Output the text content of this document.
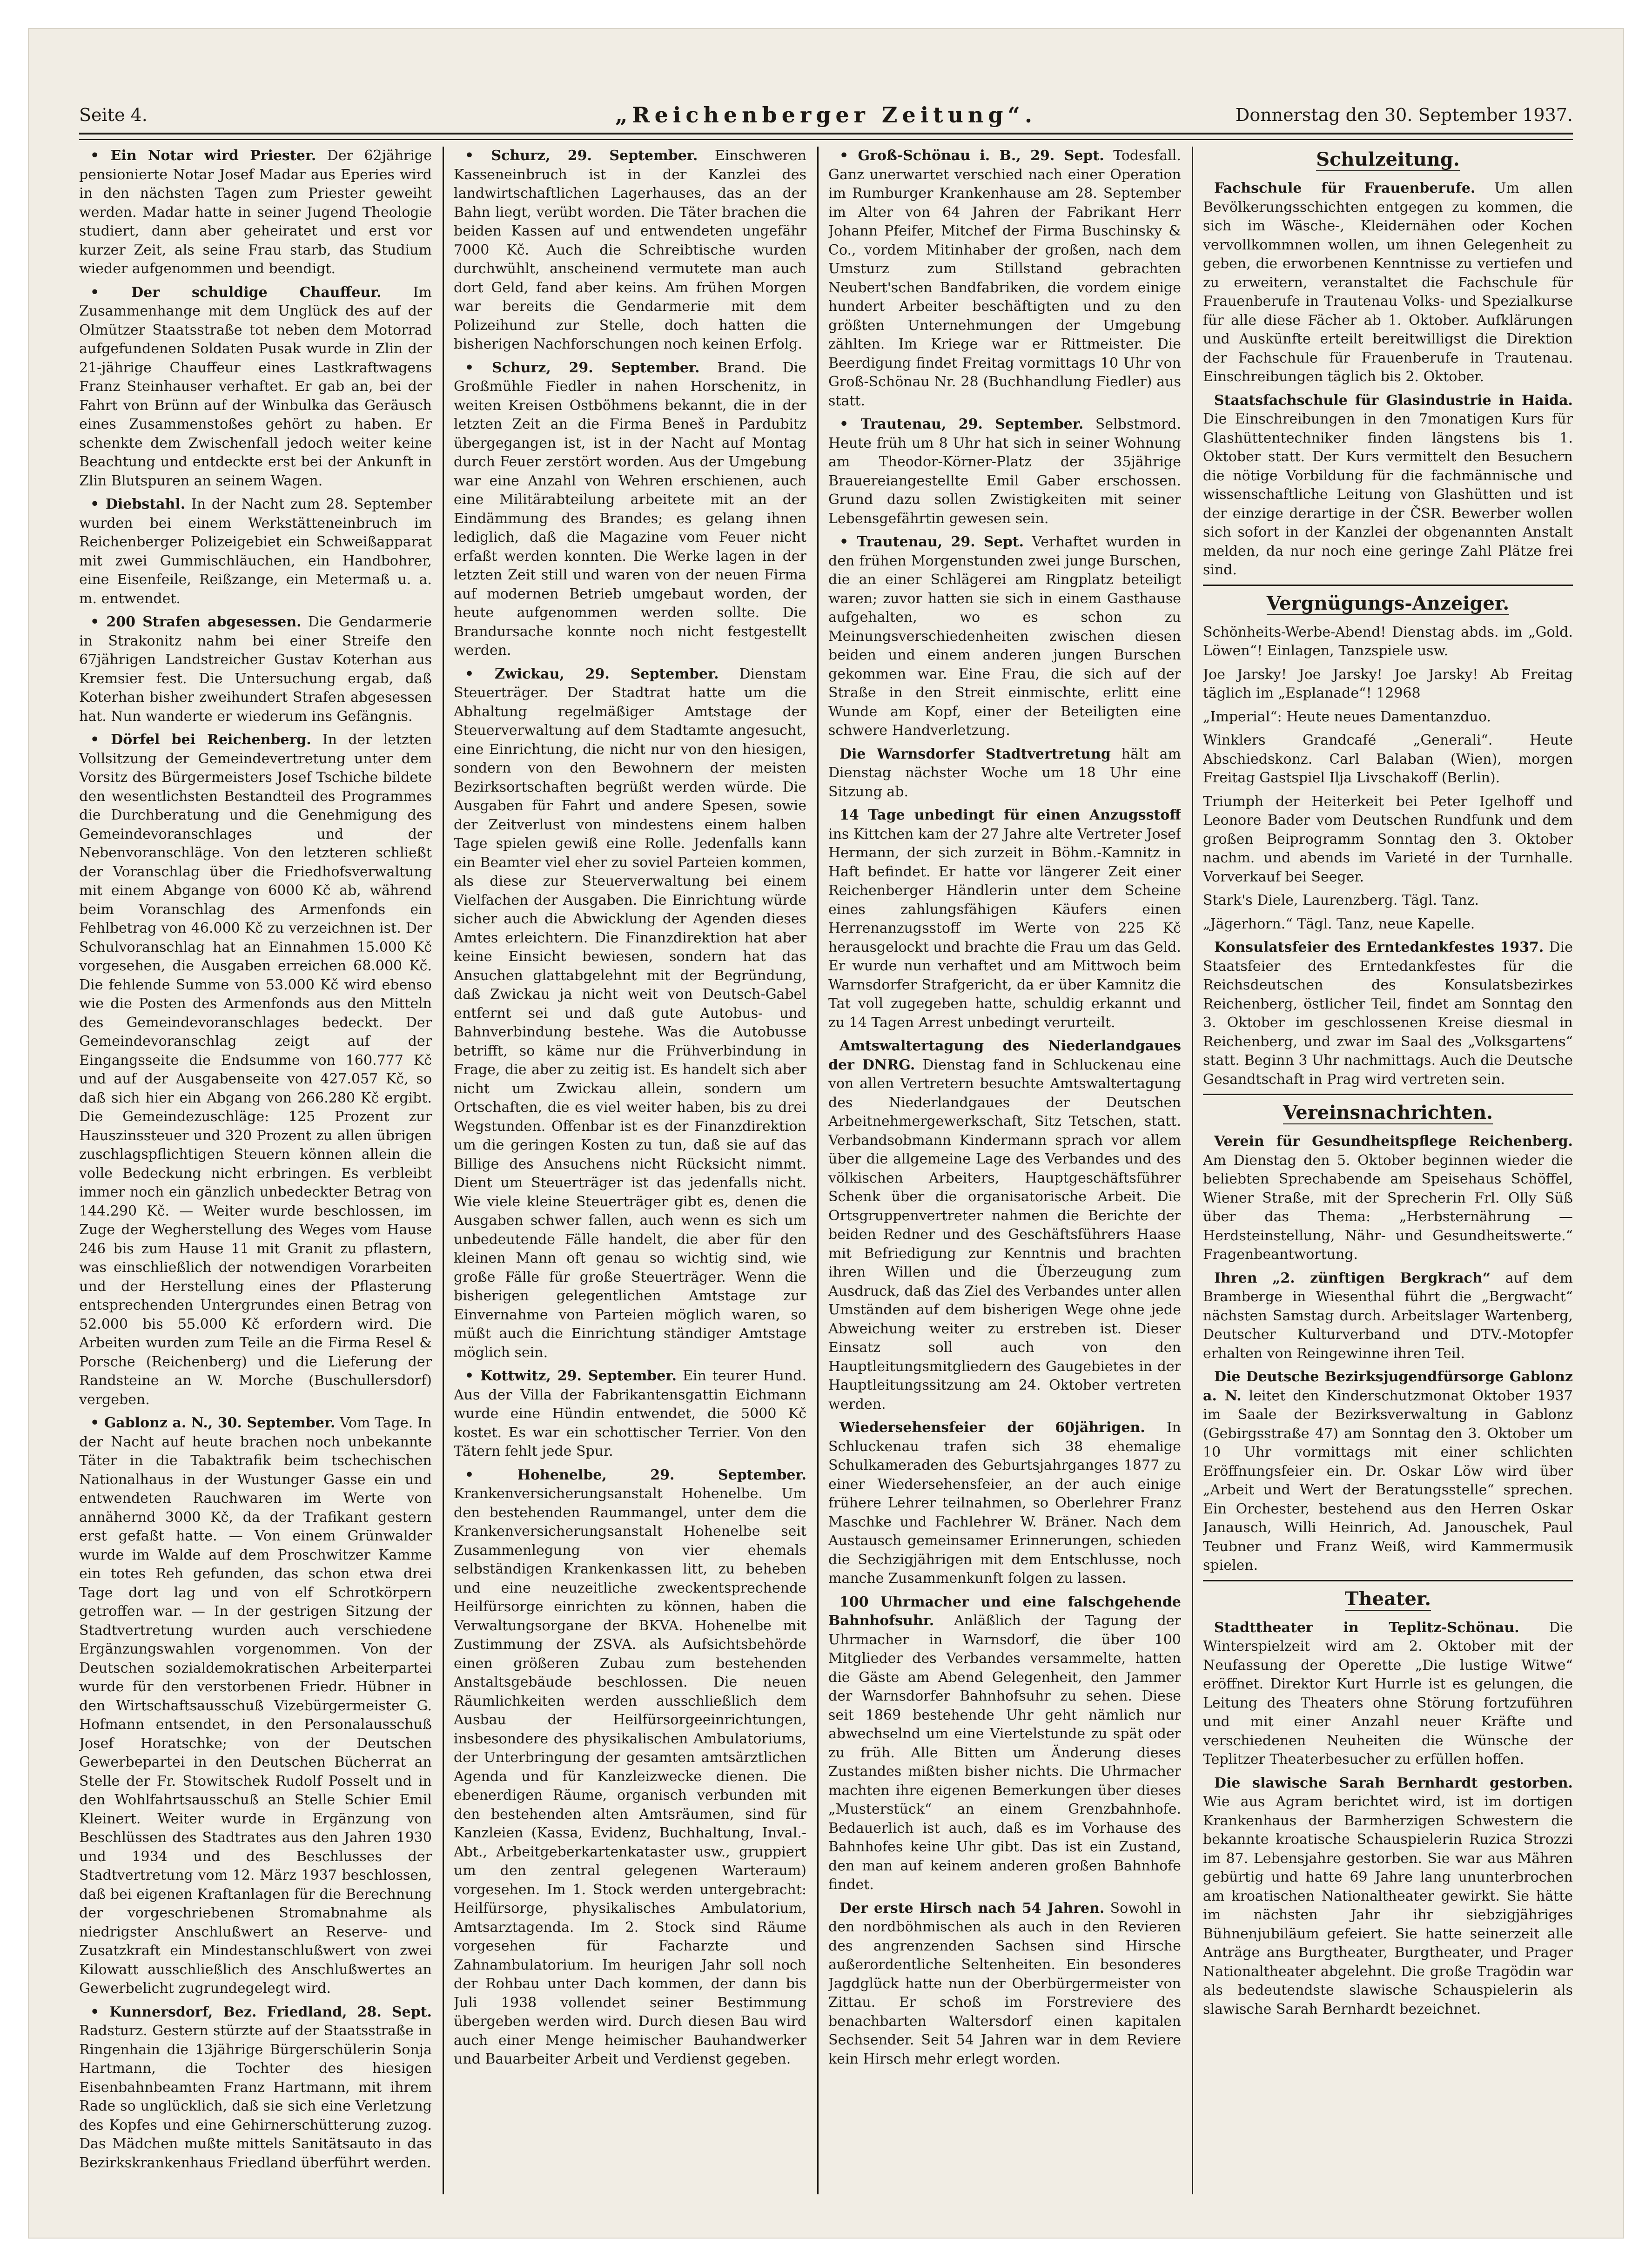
Seite 4.	„Reichenberger Zeitung“.	Donnerstag den 30. September 1937.

• Ein Notar wird Priester. Der 62jährige pensionierte Notar Josef Madar aus Eperies wird in den nächsten Tagen zum Priester geweiht werden. Madar hatte in seiner Jugend Theologie studiert, dann aber geheiratet und erst vor kurzer Zeit, als seine Frau starb, das Studium wieder aufgenommen und beendigt.

• Der schuldige Chauffeur. Im Zusammenhange mit dem Unglück des auf der Olmützer Staatsstraße tot neben dem Motorrad aufgefundenen Soldaten Pusak wurde in Zlin der 21-jährige Chauffeur eines Lastkraftwagens Franz Steinhauser verhaftet. Er gab an, bei der Fahrt von Brünn auf der Winbulka das Geräusch eines Zusammenstoßes gehört zu haben. Er schenkte dem Zwischenfall jedoch weiter keine Beachtung und entdeckte erst bei der Ankunft in Zlin Blutspuren an seinem Wagen.

• Diebstahl. In der Nacht zum 28. September wurden bei einem Werkstätteneinbruch im Reichenberger Polizeigebiet ein Schweißapparat mit zwei Gummischläuchen, ein Handbohrer, eine Eisenfeile, Reißzange, ein Metermaß u. a. m. entwendet.

• 200 Strafen abgesessen. Die Gendarmerie in Strakonitz nahm bei einer Streife den 67jährigen Landstreicher Gustav Koterhan aus Kremsier fest. Die Untersuchung ergab, daß Koterhan bisher zweihundert Strafen abgesessen hat. Nun wanderte er wiederum ins Gefängnis.

• Dörfel bei Reichenberg. In der letzten Vollsitzung der Gemeindevertretung unter dem Vorsitz des Bürgermeisters Josef Tschiche bildete den wesentlichsten Bestandteil des Programmes die Durchberatung und die Genehmigung des Gemeindevoranschlages und der Nebenvoranschläge. Von den letzteren schließt der Voranschlag über die Friedhofsverwaltung mit einem Abgange von 6000 Kč ab, während beim Voranschlag des Armenfonds ein Fehlbetrag von 46.000 Kč zu verzeichnen ist. Der Schulvoranschlag hat an Einnahmen 15.000 Kč vorgesehen, die Ausgaben erreichen 68.000 Kč. Die fehlende Summe von 53.000 Kč wird ebenso wie die Posten des Armenfonds aus den Mitteln des Gemeindevoranschlages bedeckt. Der Gemeindevoranschlag zeigt auf der Eingangsseite die Endsumme von 160.777 Kč und auf der Ausgabenseite von 427.057 Kč, so daß sich hier ein Abgang von 266.280 Kč ergibt. Die Gemeindezuschläge: 125 Prozent zur Hauszinssteuer und 320 Prozent zu allen übrigen zuschlagspflichtigen Steuern können allein die volle Bedeckung nicht erbringen. Es verbleibt immer noch ein gänzlich unbedeckter Betrag von 144.290 Kč. — Weiter wurde beschlossen, im Zuge der Wegherstellung des Weges vom Hause 246 bis zum Hause 11 mit Granit zu pflastern, was einschließlich der notwendigen Vorarbeiten und der Herstellung eines der Pflasterung entsprechenden Untergrundes einen Betrag von 52.000 bis 55.000 Kč erfordern wird. Die Arbeiten wurden zum Teile an die Firma Resel & Porsche (Reichenberg) und die Lieferung der Randsteine an W. Morche (Buschullersdorf) vergeben.

• Gablonz a. N., 30. September. Vom Tage. In der Nacht auf heute brachen noch unbekannte Täter in die Tabaktrafik beim tschechischen Nationalhaus in der Wustunger Gasse ein und entwendeten Rauchwaren im Werte von annähernd 3000 Kč, da der Trafikant gestern erst gefaßt hatte. — Von einem Grünwalder wurde im Walde auf dem Proschwitzer Kamme ein totes Reh gefunden, das schon etwa drei Tage dort lag und von elf Schrotkörpern getroffen war. — In der gestrigen Sitzung der Stadtvertretung wurden auch verschiedene Ergänzungswahlen vorgenommen. Von der Deutschen sozialdemokratischen Arbeiterpartei wurde für den verstorbenen Friedr. Hübner in den Wirtschaftsausschuß Vizebürgermeister G. Hofmann entsendet, in den Personalausschuß Josef Horatschke; von der Deutschen Gewerbepartei in den Deutschen Bücherrat an Stelle der Fr. Stowitschek Rudolf Posselt und in den Wohlfahrtsausschuß an Stelle Schier Emil Kleinert. Weiter wurde in Ergänzung von Beschlüssen des Stadtrates aus den Jahren 1930 und 1934 und des Beschlusses der Stadtvertretung vom 12. März 1937 beschlossen, daß bei eigenen Kraftanlagen für die Berechnung der vorgeschriebenen Stromabnahme als niedrigster Anschlußwert an Reserve- und Zusatzkraft ein Mindestanschlußwert von zwei Kilowatt ausschließlich des Anschlußwertes an Gewerbelicht zugrundegelegt wird.

• Kunnersdorf, Bez. Friedland, 28. Sept. Radsturz. Gestern stürzte auf der Staatsstraße in Ringenhain die 13jährige Bürgerschülerin Sonja Hartmann, die Tochter des hiesigen Eisenbahnbeamten Franz Hartmann, mit ihrem Rade so unglücklich, daß sie sich eine Verletzung des Kopfes und eine Gehirnerschütterung zuzog. Das Mädchen mußte mittels Sanitätsauto in das Bezirkskrankenhaus Friedland überführt werden.

• Schurz, 29. September. Einschweren Kasseneinbruch ist in der Kanzlei des landwirtschaftlichen Lagerhauses, das an der Bahn liegt, verübt worden. Die Täter brachen die beiden Kassen auf und entwendeten ungefähr 7000 Kč. Auch die Schreibtische wurden durchwühlt, anscheinend vermutete man auch dort Geld, fand aber keins. Am frühen Morgen war bereits die Gendarmerie mit dem Polizeihund zur Stelle, doch hatten die bisherigen Nachforschungen noch keinen Erfolg.

• Schurz, 29. September. Brand. Die Großmühle Fiedler in nahen Horschenitz, in weiten Kreisen Ostböhmens bekannt, die in der letzten Zeit an die Firma Beneš in Pardubitz übergegangen ist, ist in der Nacht auf Montag durch Feuer zerstört worden. Aus der Umgebung war eine Anzahl von Wehren erschienen, auch eine Militärabteilung arbeitete mit an der Eindämmung des Brandes; es gelang ihnen lediglich, daß die Magazine vom Feuer nicht erfaßt werden konnten. Die Werke lagen in der letzten Zeit still und waren von der neuen Firma auf modernen Betrieb umgebaut worden, der heute aufgenommen werden sollte. Die Brandursache konnte noch nicht festgestellt werden.

• Zwickau, 29. September. Dienstam Steuerträger. Der Stadtrat hatte um die Abhaltung regelmäßiger Amtstage der Steuerverwaltung auf dem Stadtamte angesucht, eine Einrichtung, die nicht nur von den hiesigen, sondern von den Bewohnern der meisten Bezirksortschaften begrüßt werden würde. Die Ausgaben für Fahrt und andere Spesen, sowie der Zeitverlust von mindestens einem halben Tage spielen gewiß eine Rolle. Jedenfalls kann ein Beamter viel eher zu soviel Parteien kommen, als diese zur Steuerverwaltung bei einem Vielfachen der Ausgaben. Die Einrichtung würde sicher auch die Abwicklung der Agenden dieses Amtes erleichtern. Die Finanzdirektion hat aber keine Einsicht bewiesen, sondern hat das Ansuchen glattabgelehnt mit der Begründung, daß Zwickau ja nicht weit von Deutsch-Gabel entfernt sei und daß gute Autobus- und Bahnverbindung bestehe. Was die Autobusse betrifft, so käme nur die Frühverbindung in Frage, die aber zu zeitig ist. Es handelt sich aber nicht um Zwickau allein, sondern um Ortschaften, die es viel weiter haben, bis zu drei Wegstunden. Offenbar ist es der Finanzdirektion um die geringen Kosten zu tun, daß sie auf das Billige des Ansuchens nicht Rücksicht nimmt. Dient um Steuerträger ist das jedenfalls nicht. Wie viele kleine Steuerträger gibt es, denen die Ausgaben schwer fallen, auch wenn es sich um unbedeutende Fälle handelt, die aber für den kleinen Mann oft genau so wichtig sind, wie große Fälle für große Steuerträger. Wenn die bisherigen gelegentlichen Amtstage zur Einvernahme von Parteien möglich waren, so müßt auch die Einrichtung ständiger Amtstage möglich sein.

• Kottwitz, 29. September. Ein teurer Hund. Aus der Villa der Fabrikantensgattin Eichmann wurde eine Hündin entwendet, die 5000 Kč kostet. Es war ein schottischer Terrier. Von den Tätern fehlt jede Spur.

• Hohenelbe, 29. September. Krankenversicherungsanstalt Hohenelbe. Um den bestehenden Raummangel, unter dem die Krankenversicherungsanstalt Hohenelbe seit Zusammenlegung von vier ehemals selbständigen Krankenkassen litt, zu beheben und eine neuzeitliche zweckentsprechende Heilfürsorge einrichten zu können, haben die Verwaltungsorgane der BKVA. Hohenelbe mit Zustimmung der ZSVA. als Aufsichtsbehörde einen größeren Zubau zum bestehenden Anstaltsgebäude beschlossen. Die neuen Räumlichkeiten werden ausschließlich dem Ausbau der Heilfürsorgeeinrichtungen, insbesondere des physikalischen Ambulatoriums, der Unterbringung der gesamten amtsärztlichen Agenda und für Kanzleizwecke dienen. Die ebenerdigen Räume, organisch verbunden mit den bestehenden alten Amtsräumen, sind für Kanzleien (Kassa, Evidenz, Buchhaltung, Inval.-Abt., Arbeitgeberkartenkataster usw., gruppiert um den zentral gelegenen Warteraum) vorgesehen. Im 1. Stock werden untergebracht: Heilfürsorge, physikalisches Ambulatorium, Amtsarztagenda. Im 2. Stock sind Räume vorgesehen für Facharzte und Zahnambulatorium. Im heurigen Jahr soll noch der Rohbau unter Dach kommen, der dann bis Juli 1938 vollendet seiner Bestimmung übergeben werden wird. Durch diesen Bau wird auch einer Menge heimischer Bauhandwerker und Bauarbeiter Arbeit und Verdienst gegeben.

• Groß-Schönau i. B., 29. Sept. Todesfall. Ganz unerwartet verschied nach einer Operation im Rumburger Krankenhause am 28. September im Alter von 64 Jahren der Fabrikant Herr Johann Pfeifer, Mitchef der Firma Buschinsky & Co., vordem Mitinhaber der großen, nach dem Umsturz zum Stillstand gebrachten Neubert'schen Bandfabriken, die vordem einige hundert Arbeiter beschäftigten und zu den größten Unternehmungen der Umgebung zählten. Im Kriege war er Rittmeister. Die Beerdigung findet Freitag vormittags 10 Uhr von Groß-Schönau Nr. 28 (Buchhandlung Fiedler) aus statt.

• Trautenau, 29. September. Selbstmord. Heute früh um 8 Uhr hat sich in seiner Wohnung am Theodor-Körner-Platz der 35jährige Brauereiangestellte Emil Gaber erschossen. Grund dazu sollen Zwistigkeiten mit seiner Lebensgefährtin gewesen sein.

• Trautenau, 29. Sept. Verhaftet wurden in den frühen Morgenstunden zwei junge Burschen, die an einer Schlägerei am Ringplatz beteiligt waren; zuvor hatten sie sich in einem Gasthause aufgehalten, wo es schon zu Meinungsverschiedenheiten zwischen diesen beiden und einem anderen jungen Burschen gekommen war. Eine Frau, die sich auf der Straße in den Streit einmischte, erlitt eine Wunde am Kopf, einer der Beteiligten eine schwere Handverletzung.

Die Warnsdorfer Stadtvertretung hält am Dienstag nächster Woche um 18 Uhr eine Sitzung ab.

14 Tage unbedingt für einen Anzugsstoff ins Kittchen kam der 27 Jahre alte Vertreter Josef Hermann, der sich zurzeit in Böhm.-Kamnitz in Haft befindet. Er hatte vor längerer Zeit einer Reichenberger Händlerin unter dem Scheine eines zahlungsfähigen Käufers einen Herrenanzugsstoff im Werte von 225 Kč herausgelockt und brachte die Frau um das Geld. Er wurde nun verhaftet und am Mittwoch beim Warnsdorfer Strafgericht, da er über Kamnitz die Tat voll zugegeben hatte, schuldig erkannt und zu 14 Tagen Arrest unbedingt verurteilt.

Amtswaltertagung des Niederlandgaues der DNRG. Dienstag fand in Schluckenau eine von allen Vertretern besuchte Amtswaltertagung des Niederlandgaues der Deutschen Arbeitnehmergewerkschaft, Sitz Tetschen, statt. Verbandsobmann Kindermann sprach vor allem über die allgemeine Lage des Verbandes und des völkischen Arbeiters, Hauptgeschäftsführer Schenk über die organisatorische Arbeit. Die Ortsgruppenvertreter nahmen die Berichte der beiden Redner und des Geschäftsführers Haase mit Befriedigung zur Kenntnis und brachten ihren Willen und die Überzeugung zum Ausdruck, daß das Ziel des Verbandes unter allen Umständen auf dem bisherigen Wege ohne jede Abweichung weiter zu erstreben ist. Dieser Einsatz soll auch von den Hauptleitungsmitgliedern des Gaugebietes in der Hauptleitungssitzung am 24. Oktober vertreten werden.

Wiedersehensfeier der 60jährigen. In Schluckenau trafen sich 38 ehemalige Schulkameraden des Geburtsjahrganges 1877 zu einer Wiedersehensfeier, an der auch einige frühere Lehrer teilnahmen, so Oberlehrer Franz Maschke und Fachlehrer W. Bräner. Nach dem Austausch gemeinsamer Erinnerungen, schieden die Sechzigjährigen mit dem Entschlusse, noch manche Zusammenkunft folgen zu lassen.

100 Uhrmacher und eine falschgehende Bahnhofsuhr. Anläßlich der Tagung der Uhrmacher in Warnsdorf, die über 100 Mitglieder des Verbandes versammelte, hatten die Gäste am Abend Gelegenheit, den Jammer der Warnsdorfer Bahnhofsuhr zu sehen. Diese seit 1869 bestehende Uhr geht nämlich nur abwechselnd um eine Viertelstunde zu spät oder zu früh. Alle Bitten um Änderung dieses Zustandes mißten bisher nichts. Die Uhrmacher machten ihre eigenen Bemerkungen über dieses „Musterstück“ an einem Grenzbahnhofe. Bedauerlich ist auch, daß es im Vorhause des Bahnhofes keine Uhr gibt. Das ist ein Zustand, den man auf keinem anderen großen Bahnhofe findet.

Der erste Hirsch nach 54 Jahren. Sowohl in den nordböhmischen als auch in den Revieren des angrenzenden Sachsen sind Hirsche außerordentliche Seltenheiten. Ein besonderes Jagdglück hatte nun der Oberbürgermeister von Zittau. Er schoß im Forstreviere des benachbarten Waltersdorf einen kapitalen Sechsender. Seit 54 Jahren war in dem Reviere kein Hirsch mehr erlegt worden.

Schulzeitung.

Fachschule für Frauenberufe. Um allen Bevölkerungsschichten entgegen zu kommen, die sich im Wäsche-, Kleidernähen oder Kochen vervollkommnen wollen, um ihnen Gelegenheit zu geben, die erworbenen Kenntnisse zu vertiefen und zu erweitern, veranstaltet die Fachschule für Frauenberufe in Trautenau Volks- und Spezialkurse für alle diese Fächer ab 1. Oktober. Aufklärungen und Auskünfte erteilt bereitwilligst die Direktion der Fachschule für Frauenberufe in Trautenau. Einschreibungen täglich bis 2. Oktober.

Staatsfachschule für Glasindustrie in Haida. Die Einschreibungen in den 7monatigen Kurs für Glashüttentechniker finden längstens bis 1. Oktober statt. Der Kurs vermittelt den Besuchern die nötige Vorbildung für die fachmännische und wissenschaftliche Leitung von Glashütten und ist der einzige derartige in der ČSR. Bewerber wollen sich sofort in der Kanzlei der obgenannten Anstalt melden, da nur noch eine geringe Zahl Plätze frei sind.

Vergnügungs-Anzeiger.

Schönheits-Werbe-Abend! Dienstag abds. im „Gold. Löwen“! Einlagen, Tanzspiele usw.

Joe Jarsky! Joe Jarsky! Joe Jarsky! Ab Freitag täglich im „Esplanade“! 12968

„Imperial“: Heute neues Damentanzduo.

Winklers Grandcafé „Generali“. Heute Abschiedskonz. Carl Balaban (Wien), morgen Freitag Gastspiel Ilja Livschakoff (Berlin).

Triumph der Heiterkeit bei Peter Igelhoff und Leonore Bader vom Deutschen Rundfunk und dem großen Beiprogramm Sonntag den 3. Oktober nachm. und abends im Varieté in der Turnhalle. Vorverkauf bei Seeger.

Stark's Diele, Laurenzberg. Tägl. Tanz.

„Jägerhorn.“ Tägl. Tanz, neue Kapelle.

Konsulatsfeier des Erntedankfestes 1937. Die Staatsfeier des Erntedankfestes für die Reichsdeutschen des Konsulatsbezirkes Reichenberg, östlicher Teil, findet am Sonntag den 3. Oktober im geschlossenen Kreise diesmal in Reichenberg, und zwar im Saal des „Volksgartens“ statt. Beginn 3 Uhr nachmittags. Auch die Deutsche Gesandtschaft in Prag wird vertreten sein.

Vereinsnachrichten.

Verein für Gesundheitspflege Reichenberg. Am Dienstag den 5. Oktober beginnen wieder die beliebten Sprechabende am Speisehaus Schöffel, Wiener Straße, mit der Sprecherin Frl. Olly Süß über das Thema: „Herbsternährung — Herdsteinstellung, Nähr- und Gesundheitswerte.“ Fragenbeantwortung.

Ihren „2. zünftigen Bergkrach“ auf dem Bramberge in Wiesenthal führt die „Bergwacht“ nächsten Samstag durch. Arbeitslager Wartenberg, Deutscher Kulturverband und DTV.-Motopfer erhalten von Reingewinne ihren Teil.

Die Deutsche Bezirksjugendfürsorge Gablonz a. N. leitet den Kinderschutzmonat Oktober 1937 im Saale der Bezirksverwaltung in Gablonz (Gebirgsstraße 47) am Sonntag den 3. Oktober um 10 Uhr vormittags mit einer schlichten Eröffnungsfeier ein. Dr. Oskar Löw wird über „Arbeit und Wert der Beratungsstelle“ sprechen. Ein Orchester, bestehend aus den Herren Oskar Janausch, Willi Heinrich, Ad. Janouschek, Paul Teubner und Franz Weiß, wird Kammermusik spielen.

Theater.

Stadttheater in Teplitz-Schönau. Die Winterspielzeit wird am 2. Oktober mit der Neufassung der Operette „Die lustige Witwe“ eröffnet. Direktor Kurt Hurrle ist es gelungen, die Leitung des Theaters ohne Störung fortzuführen und mit einer Anzahl neuer Kräfte und verschiedenen Neuheiten die Wünsche der Teplitzer Theaterbesucher zu erfüllen hoffen.

Die slawische Sarah Bernhardt gestorben. Wie aus Agram berichtet wird, ist im dortigen Krankenhaus der Barmherzigen Schwestern die bekannte kroatische Schauspielerin Ruzica Strozzi im 87. Lebensjahre gestorben. Sie war aus Mähren gebürtig und hatte 69 Jahre lang ununterbrochen am kroatischen Nationaltheater gewirkt. Sie hätte im nächsten Jahr ihr siebzigjähriges Bühnenjubiläum gefeiert. Sie hatte seinerzeit alle Anträge ans Burgtheater, Burgtheater, und Prager Nationaltheater abgelehnt. Die große Tragödin war als bedeutendste slawische Schauspielerin als slawische Sarah Bernhardt bezeichnet.
